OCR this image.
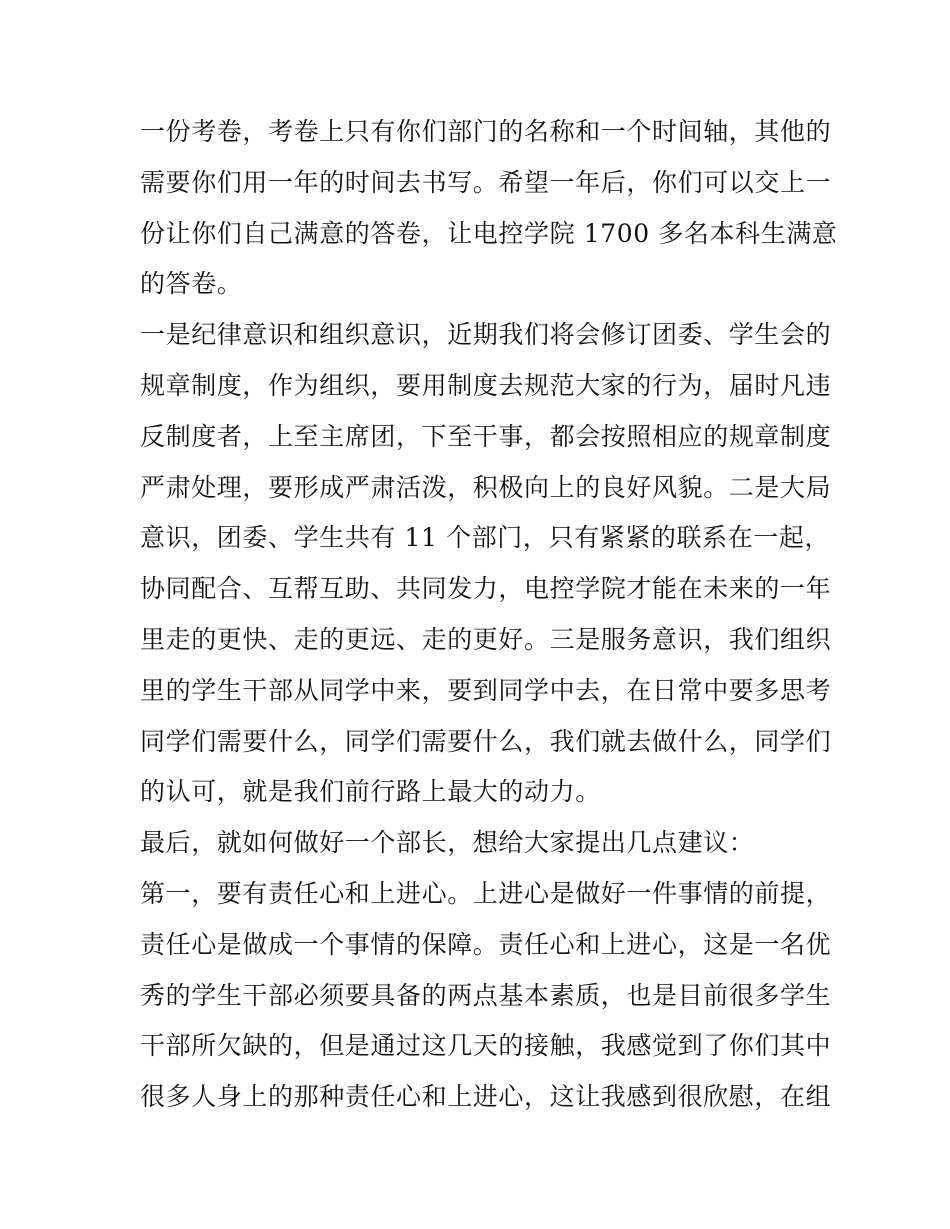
一份考卷，考卷上只有你们部门的名称和一个时间轴，其他的
需要你们用一年的时间去书写。希望一年后，你们可以交上一
份让你们自己满意的答卷，让电控学院 1700 多名本科生满意
的答卷。
一是纪律意识和组织意识，近期我们将会修订团委、学生会的
规章制度，作为组织，要用制度去规范大家的行为，届时凡违
反制度者，上至主席团，下至干事，都会按照相应的规章制度
严肃处理，要形成严肃活泼，积极向上的良好风貌。二是大局
意识，团委、学生共有 11 个部门，只有紧紧的联系在一起，
协同配合、互帮互助、共同发力，电控学院才能在未来的一年
里走的更快、走的更远、走的更好。三是服务意识，我们组织
里的学生干部从同学中来，要到同学中去，在日常中要多思考
同学们需要什么，同学们需要什么，我们就去做什么，同学们
的认可，就是我们前行路上最大的动力。
最后，就如何做好一个部长，想给大家提出几点建议：
第一，要有责任心和上进心。上进心是做好一件事情的前提，
责任心是做成一个事情的保障。责任心和上进心，这是一名优
秀的学生干部必须要具备的两点基本素质，也是目前很多学生
干部所欠缺的，但是通过这几天的接触，我感觉到了你们其中
很多人身上的那种责任心和上进心，这让我感到很欣慰，在组
